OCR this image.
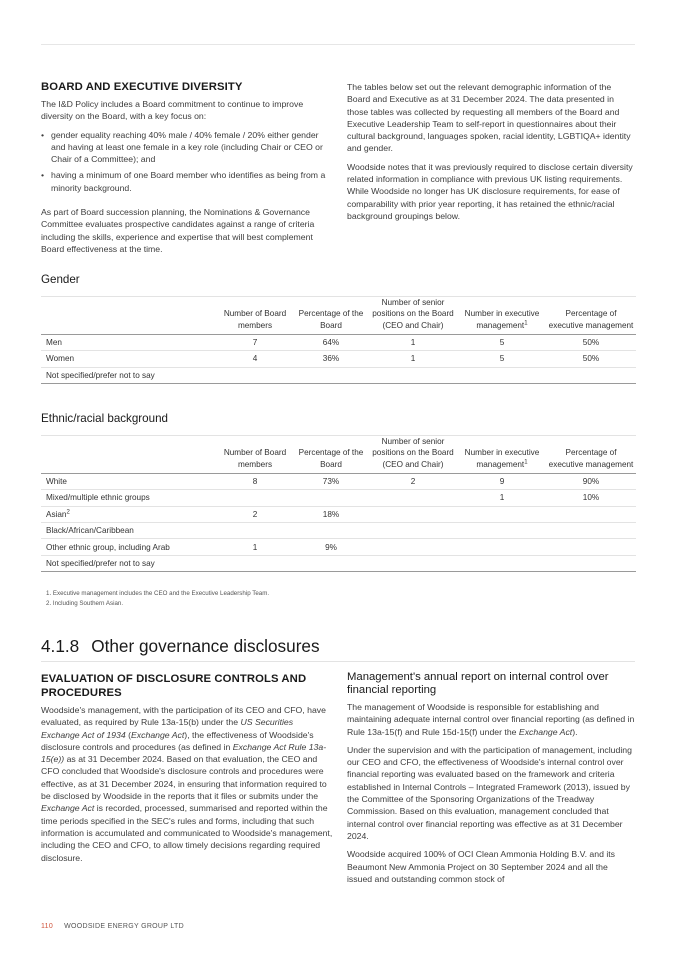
BOARD AND EXECUTIVE DIVERSITY

The I&D Policy includes a Board commitment to continue to improve diversity on the Board, with a key focus on:

• gender equality reaching 40% male / 40% female / 20% either gender and having at least one female in a key role (including Chair or CEO or Chair of a Committee); and
• having a minimum of one Board member who identifies as being from a minority background.

As part of Board succession planning, the Nominations & Governance Committee evaluates prospective candidates against a range of criteria including the skills, experience and expertise that will best complement Board effectiveness at the time.

The tables below set out the relevant demographic information of the Board and Executive as at 31 December 2024. The data presented in those tables was collected by requesting all members of the Board and Executive Leadership Team to self-report in questionnaires about their cultural background, languages spoken, racial identity, LGBTIQA+ identity and gender.

Woodside notes that it was previously required to disclose certain diversity related information in compliance with previous UK listing requirements. While Woodside no longer has UK disclosure requirements, for ease of comparability with prior year reporting, it has retained the ethnic/racial background groupings below.

Gender
	Number of Board members	Percentage of the Board	Number of senior positions on the Board (CEO and Chair)	Number in executive management$^1$	Percentage of executive management
Men	7	64%	1	5	50%
Women	4	36%	1	5	50%
Not specified/prefer not to say					
Ethnic/racial background
	Number of Board members	Percentage of the Board	Number of senior positions on the Board (CEO and Chair)	Number in executive management$^1$	Percentage of executive management
White	8	73%	2	9	90%
Mixed/multiple ethnic groups				1	10%
Asian$^2$	2	18%			
Black/African/Caribbean					
Other ethnic group, including Arab	1	9%			
Not specified/prefer not to say					
1. Executive management includes the CEO and the Executive Leadership Team.
2. Including Southern Asian.
4.1.8 Other governance disclosures
EVALUATION OF DISCLOSURE CONTROLS AND PROCEDURES

Woodside's management, with the participation of its CEO and CFO, have evaluated, as required by Rule 13a-15(b) under the US Securities Exchange Act of 1934 (Exchange Act), the effectiveness of Woodside's disclosure controls and procedures (as defined in Exchange Act Rule 13a-15(e)) as at 31 December 2024. Based on that evaluation, the CEO and CFO concluded that Woodside's disclosure controls and procedures were effective, as at 31 December 2024, in ensuring that information required to be disclosed by Woodside in the reports that it files or submits under the Exchange Act is recorded, processed, summarised and reported within the time periods specified in the SEC's rules and forms, including that such information is accumulated and communicated to Woodside's management, including the CEO and CFO, to allow timely decisions regarding required disclosure.

Management's annual report on internal control over financial reporting

The management of Woodside is responsible for establishing and maintaining adequate internal control over financial reporting (as defined in Rule 13a-15(f) and Rule 15d-15(f) under the Exchange Act).

Under the supervision and with the participation of management, including our CEO and CFO, the effectiveness of Woodside's internal control over financial reporting was evaluated based on the framework and criteria established in Internal Controls – Integrated Framework (2013), issued by the Committee of the Sponsoring Organizations of the Treadway Commission. Based on this evaluation, management concluded that internal control over financial reporting was effective as at 31 December 2024.

Woodside acquired 100% of OCI Clean Ammonia Holding B.V. and its Beaumont New Ammonia Project on 30 September 2024 and all the issued and outstanding common stock of

110 WOODSIDE ENERGY GROUP LTD
